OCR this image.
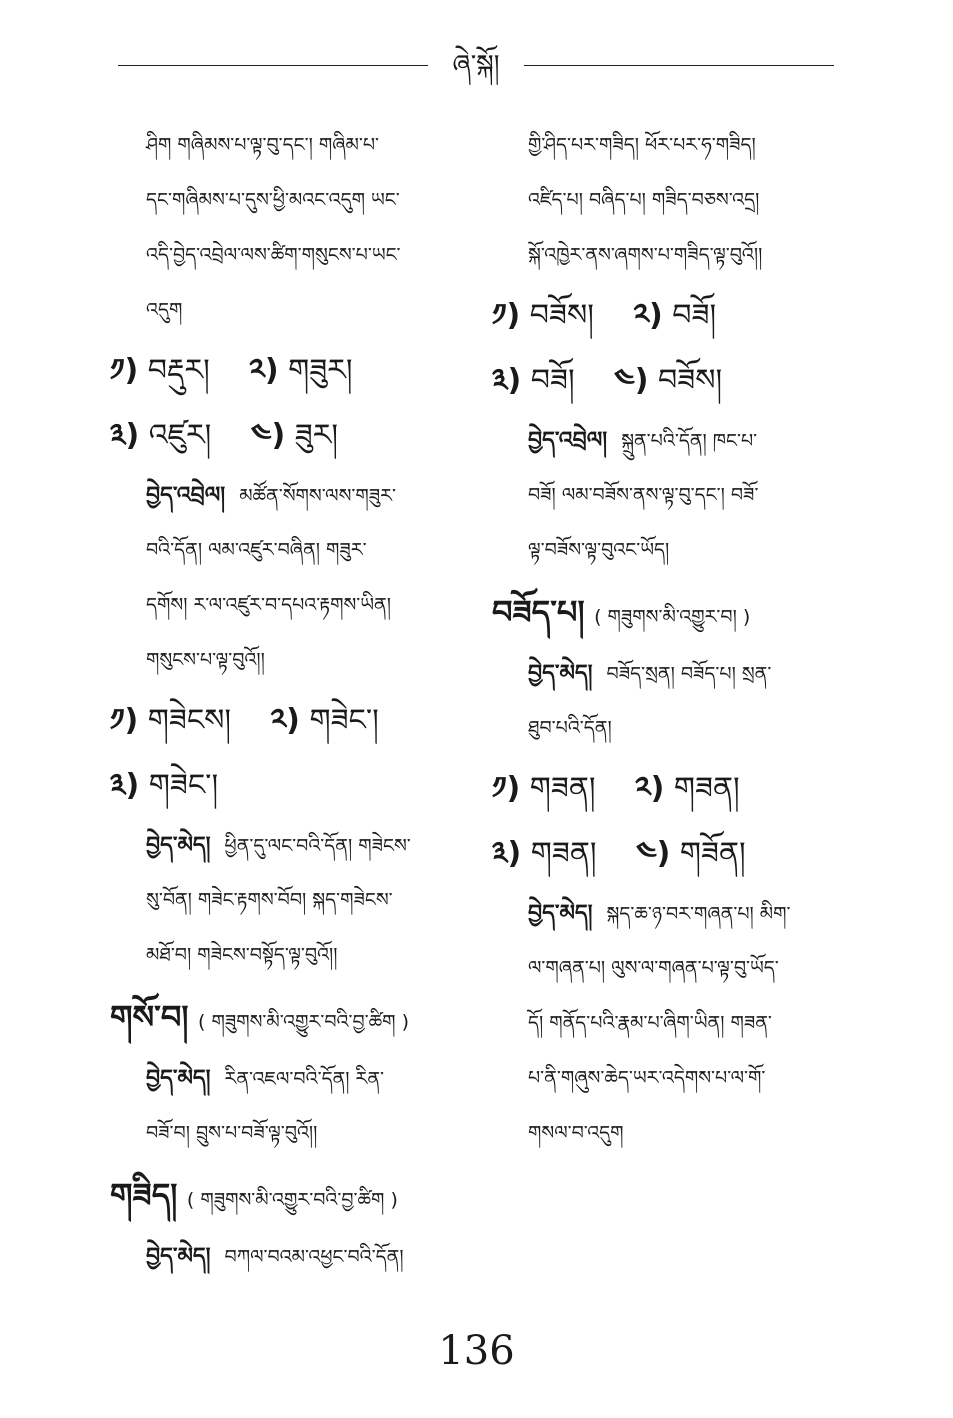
ཞེ་སྐོ།
ཤིག གཞིམས་པ་ལྟ་བུ་དང་། གཞིམ་པ་
དང་གཞིམས་པ་དུས་ཕྱི་མའང་འདུག ཡང་
འདི་བྱེད་འབྲེལ་ལས་ཚིག་གསུངས་པ་ཡང་
འདུག
༡) བརྡུར། ༢) གཟུར།
༣) འཛུར། ༤) ཟུར།
བྱེད་འབྲེལ། མཚོན་སོགས་ལས་གཟུར་
བའི་དོན། ལམ་འཛུར་བཞིན། གཟུར་
དགོས། ར་ལ་འཛུར་བ་དཔའ་རྟགས་ཡིན།
གསུངས་པ་ལྟ་བུའོ།།
༡) གཟེངས། ༢) གཟེང་།
༣) གཟེང་།
བྱེད་མེད། ཕྱིན་དུ་ལང་བའི་དོན། གཟེངས་
སུ་བོན། གཟེང་རྟགས་བོབ། སྐད་གཟེངས་
མཐོ་བ། གཟེངས་བསྟོད་ལྟ་བུའོ།།
གསོ་བ། ( གཟུགས་མི་འགྱུར་བའི་བྱ་ཚིག )
བྱེད་མེད། རིན་འཇལ་བའི་དོན། རིན་
བཟོ་བ། བྲུས་པ་བཟོ་ལྟ་བུའོ།།
གཟིད། ( གཟུགས་མི་འགྱུར་བའི་བྱ་ཚིག )
བྱེད་མེད། བཀལ་བའམ་འཕྱང་བའི་དོན།
གྱི་ཤིད་པར་གཟིད། ཕོར་པར་ཧ་གཟིད།
འཛིད་པ། བཞིད་པ། གཟིད་བཅས་འདྲ།
སྐོ་འཁྱེར་ནས་ཞགས་པ་གཟིད་ལྟ་བུའོ།།
༡) བཟོས། ༢) བཟོ།
༣) བཟོ། ༤) བཟོས།
བྱེད་འབྲེལ། སྐྲུན་པའི་དོན། ཁང་པ་
བཟོ། ལམ་བཟོས་ནས་ལྟ་བུ་དང་། བཟོ་
ལྟ་བཟོས་ལྟ་བུའང་ཡོད།
བཟོད་པ། ( གཟུགས་མི་འགྱུར་བ། )
བྱེད་མེད། བཟོད་སྲན། བཟོད་པ། སྲན་
ཐུབ་པའི་དོན།
༡) གཟན། ༢) གཟན།
༣) གཟན། ༤) གཟོན།
བྱེད་མེད། སྐད་ཆ་ཉ་བར་གཞན་པ། མིག་
ལ་གཞན་པ། ལུས་ལ་གཞན་པ་ལྟ་བུ་ཡོད་
དོ། གནོད་པའི་རྣམ་པ་ཞིག་ཡིན། གཟན་
པ་ནི་གཞུས་ཆེད་ཡར་འདེགས་པ་ལ་གོ་
གསལ་བ་འདུག
136
